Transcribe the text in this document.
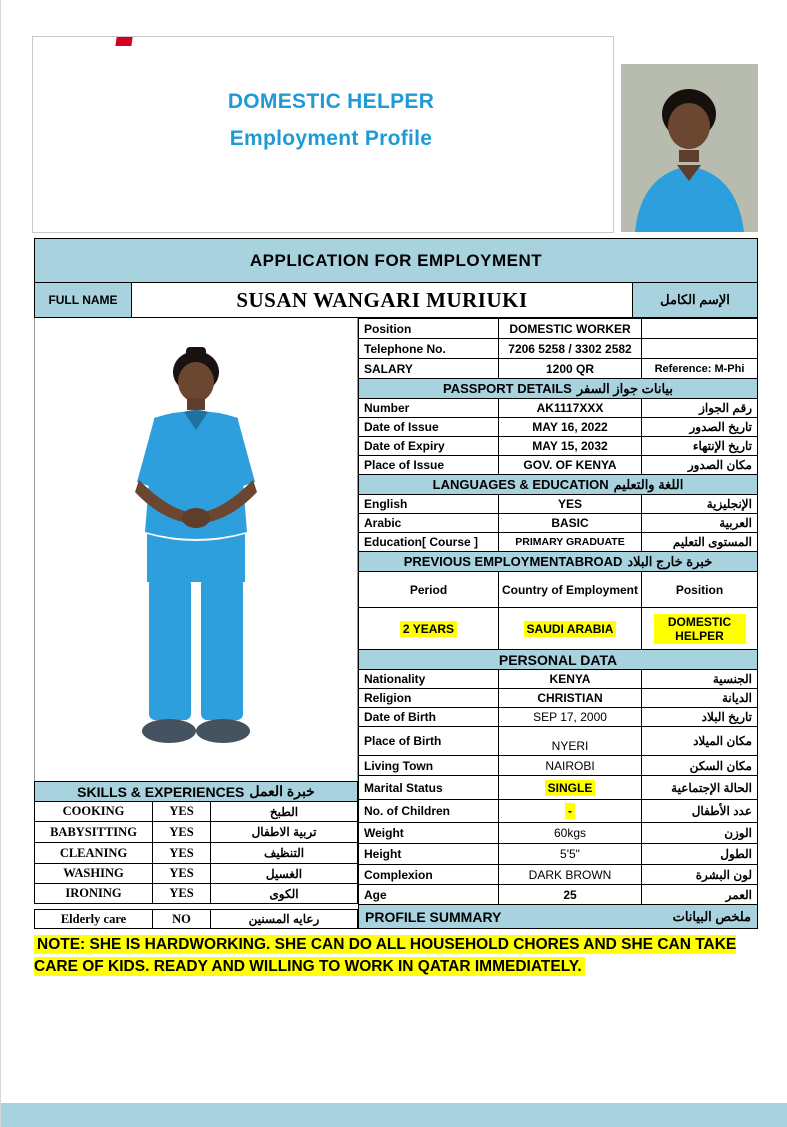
DOMESTIC HELPER
Employment Profile
APPLICATION FOR EMPLOYMENT
FULL NAME	SUSAN WANGARI MURIUKI	الإسم الكامل
SKILLS & EXPERIENCES خبرة العمل
COOKING	YES	الطبخ
BABYSITTING	YES	تربية الاطفال
CLEANING	YES	التنظيف
WASHING	YES	الغسيل
IRONING	YES	الكوى
Elderly care	NO	رعايه المسنين
Position	DOMESTIC WORKER
Telephone No.	7206 5258 / 3302 2582
SALARY	1200 QR	Reference: M-Phi
PASSPORT DETAILS بيانات جواز السفر
Number	AK1117XXX	رقم الجواز
Date of Issue	MAY 16, 2022	تاريخ الصدور
Date of Expiry	MAY 15, 2032	تاريخ الإنتهاء
Place of Issue	GOV. OF KENYA	مكان الصدور
LANGUAGES & EDUCATION اللغة والتعليم
English	YES	الإنجليزية
Arabic	BASIC	العربية
Education[ Course ]	PRIMARY GRADUATE	المستوى التعليم
PREVIOUS EMPLOYMENTABROAD خبرة خارج البلاد
Period	Country of Employment	Position
2 YEARS	SAUDI ARABIA	DOMESTIC HELPER
PERSONAL DATA
Nationality	KENYA	الجنسية
Religion	CHRISTIAN	الديانة
Date of Birth	SEP 17, 2000	تاريخ البلاد
Place of Birth	NYERI	مكان الميلاد
Living Town	NAIROBI	مكان السكن
Marital Status	SINGLE	الحالة الإجتماعية
No. of Children	-	عدد الأطفال
Weight	60kgs	الوزن
Height	5'5"	الطول
Complexion	DARK BROWN	لون البشرة
Age	25	العمر
PROFILE SUMMARY	ملخص البيانات
NOTE: SHE IS HARDWORKING. SHE CAN DO ALL HOUSEHOLD CHORES AND SHE CAN TAKE CARE OF KIDS. READY AND WILLING TO WORK IN QATAR IMMEDIATELY.
